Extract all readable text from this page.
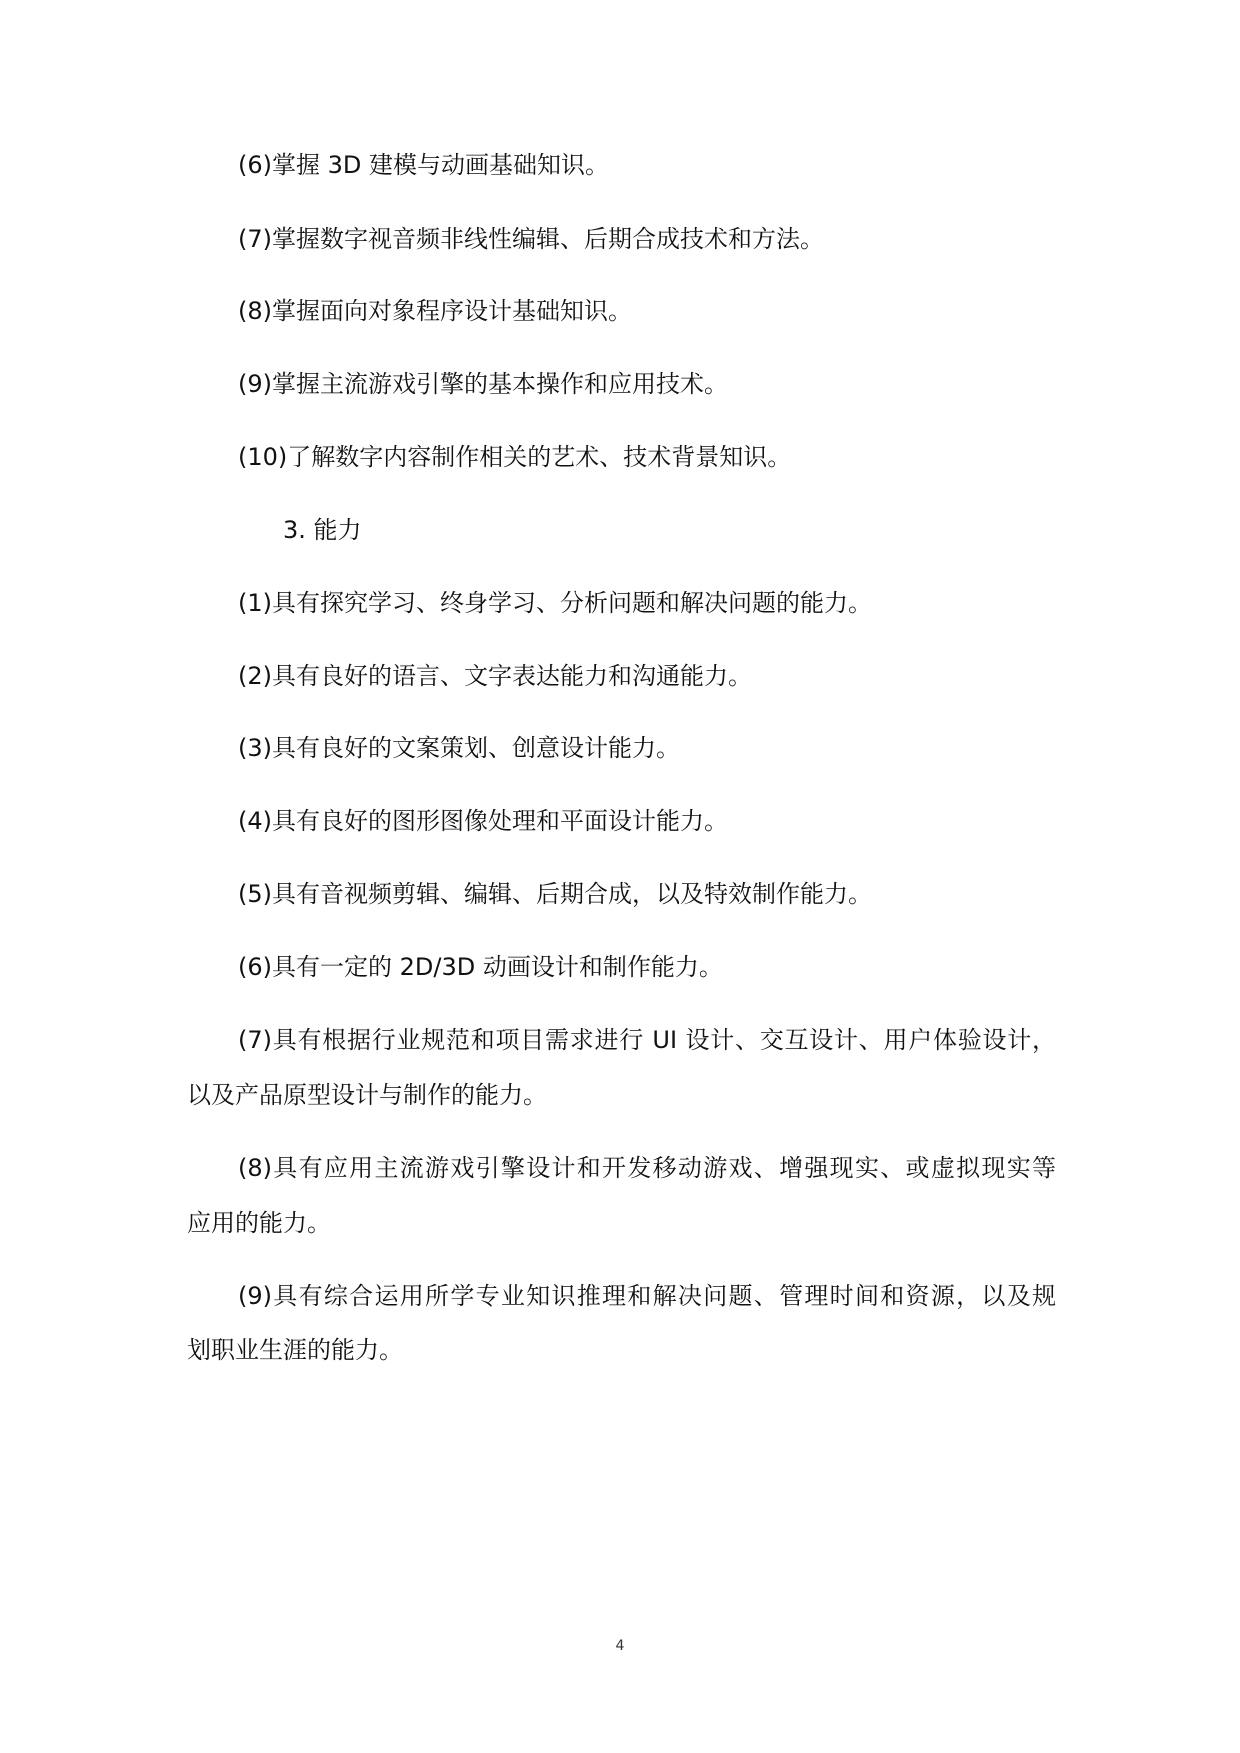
(6)掌握 3D 建模与动画基础知识。
(7)掌握数字视音频非线性编辑、后期合成技术和方法。
(8)掌握面向对象程序设计基础知识。
(9)掌握主流游戏引擎的基本操作和应用技术。
(10)了解数字内容制作相关的艺术、技术背景知识。
3. 能力
(1)具有探究学习、终身学习、分析问题和解决问题的能力。
(2)具有良好的语言、文字表达能力和沟通能力。
(3)具有良好的文案策划、创意设计能力。
(4)具有良好的图形图像处理和平面设计能力。
(5)具有音视频剪辑、编辑、后期合成，以及特效制作能力。
(6)具有一定的 2D/3D 动画设计和制作能力。
(7)具有根据行业规范和项目需求进行 UI 设计、交互设计、用户体验设计，
以及产品原型设计与制作的能力。
(8)具有应用主流游戏引擎设计和开发移动游戏、增强现实、或虚拟现实等
应用的能力。
(9)具有综合运用所学专业知识推理和解决问题、管理时间和资源，以及规
划职业生涯的能力。
4
